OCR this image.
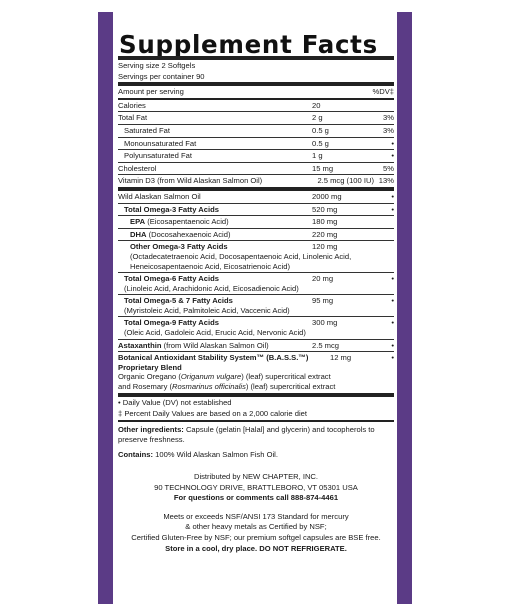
Supplement Facts
Serving size 2 Softgels
Servings per container 90
Amount per serving	%DV‡
Calories	20
Total Fat	2 g	3%
Saturated Fat	0.5 g	3%
Monounsaturated Fat	0.5 g	•
Polyunsaturated Fat	1 g	•
Cholesterol	15 mg	5%
Vitamin D3 (from Wild Alaskan Salmon Oil)	2.5 mcg (100 IU) 13%
Wild Alaskan Salmon Oil	2000 mg	•
Total Omega-3 Fatty Acids	520 mg	•
EPA (Eicosapentaenoic Acid)	180 mg
DHA (Docosahexaenoic Acid)	220 mg
Other Omega-3 Fatty Acids	120 mg
(Octadecatetraenoic Acid, Docosapentaenoic Acid, Linolenic Acid, Heneicosapentaenoic Acid, Eicosatrienoic Acid)
Total Omega-6 Fatty Acids	20 mg	•
(Linoleic Acid, Arachidonic Acid, Eicosadienoic Acid)
Total Omega-5 & 7 Fatty Acids	95 mg	•
(Myristoleic Acid, Palmitoleic Acid, Vaccenic Acid)
Total Omega-9 Fatty Acids	300 mg	•
(Oleic Acid, Gadoleic Acid, Erucic Acid, Nervonic Acid)
Astaxanthin (from Wild Alaskan Salmon Oil)	2.5 mcg	•
Botanical Antioxidant Stability System™ (B.A.S.S.™)	12 mg	•
Proprietary Blend
Organic Oregano (Origanum vulgare) (leaf) supercritical extract
and Rosemary (Rosmarinus officinalis) (leaf) supercritical extract
• Daily Value (DV) not established
‡ Percent Daily Values are based on a 2,000 calorie diet
Other ingredients: Capsule (gelatin [Halal] and glycerin) and tocopherols to preserve freshness.
Contains: 100% Wild Alaskan Salmon Fish Oil.
Distributed by NEW CHAPTER, INC.
90 TECHNOLOGY DRIVE, BRATTLEBORO, VT 05301 USA
For questions or comments call 888-874-4461
Meets or exceeds NSF/ANSI 173 Standard for mercury
& other heavy metals as Certified by NSF;
Certified Gluten-Free by NSF; our premium softgel capsules are BSE free.
Store in a cool, dry place. DO NOT REFRIGERATE.
